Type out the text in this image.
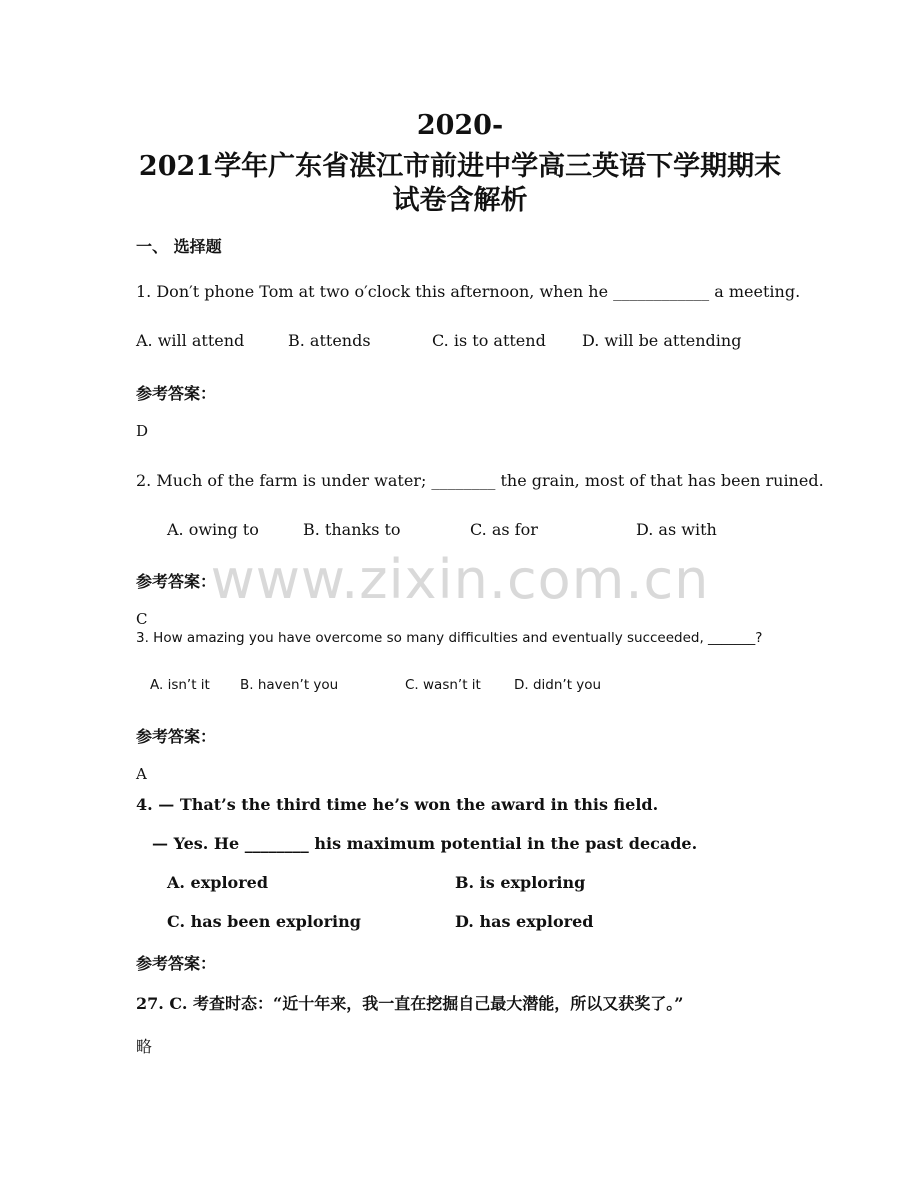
www.zixin.com.cn
2020-
2021学年广东省湛江市前进中学高三英语下学期期末
试卷含解析
一、 选择题
1. Don′t phone Tom at two o′clock this afternoon, when he ____________ a meeting.
A. will attend	B. attends	C. is to attend D. will be attending
参考答案：
D
2. Much of the farm is under water; ________ the grain, most of that has been ruined.
A. owing to	B. thanks to	C. as for	D. as with
参考答案：
C
3. How amazing you have overcome so many difficulties and eventually succeeded, _______?
A. isn’t it B. haven’t you	C. wasn’t it D. didn’t you
参考答案：
A
4. — That’s the third time he’s won the award in this field.
— Yes. He ________ his maximum potential in the past decade.
A. explored	B. is exploring
C. has been exploring	D. has explored
参考答案：
27. C. 考查时态：“近十年来，我一直在挖掘自己最大潜能，所以又获奖了。”
略
